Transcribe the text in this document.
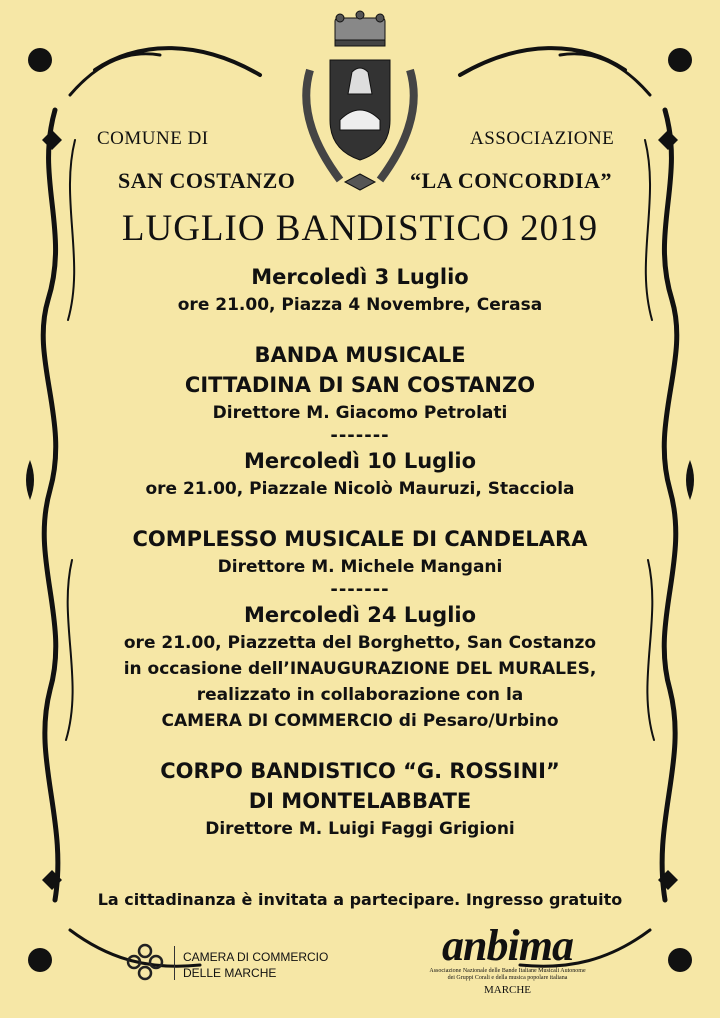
COMUNE DI
SAN COSTANZO
ASSOCIAZIONE
“LA CONCORDIA”
LUGLIO BANDISTICO 2019
Mercoledì 3 Luglio
ore 21.00, Piazza 4 Novembre, Cerasa
BANDA MUSICALE
CITTADINA DI SAN COSTANZO
Direttore M. Giacomo Petrolati
-------
Mercoledì 10 Luglio
ore 21.00, Piazzale Nicolò Mauruzi, Stacciola
COMPLESSO MUSICALE DI CANDELARA
Direttore M. Michele Mangani
-------
Mercoledì 24 Luglio
ore 21.00, Piazzetta del Borghetto, San Costanzo
in occasione dell’INAUGURAZIONE DEL MURALES,
realizzato in collaborazione con la
CAMERA DI COMMERCIO di Pesaro/Urbino
CORPO BANDISTICO “G. ROSSINI”
DI MONTELABBATE
Direttore M. Luigi Faggi Grigioni
La cittadinanza è invitata a partecipare. Ingresso gratuito
CAMERA DI COMMERCIO
DELLE MARCHE
anbima
Associazione Nazionale delle Bande Italiane Musicali Autonome
dei Gruppi Corali e della musica popolare italiana
MARCHE
